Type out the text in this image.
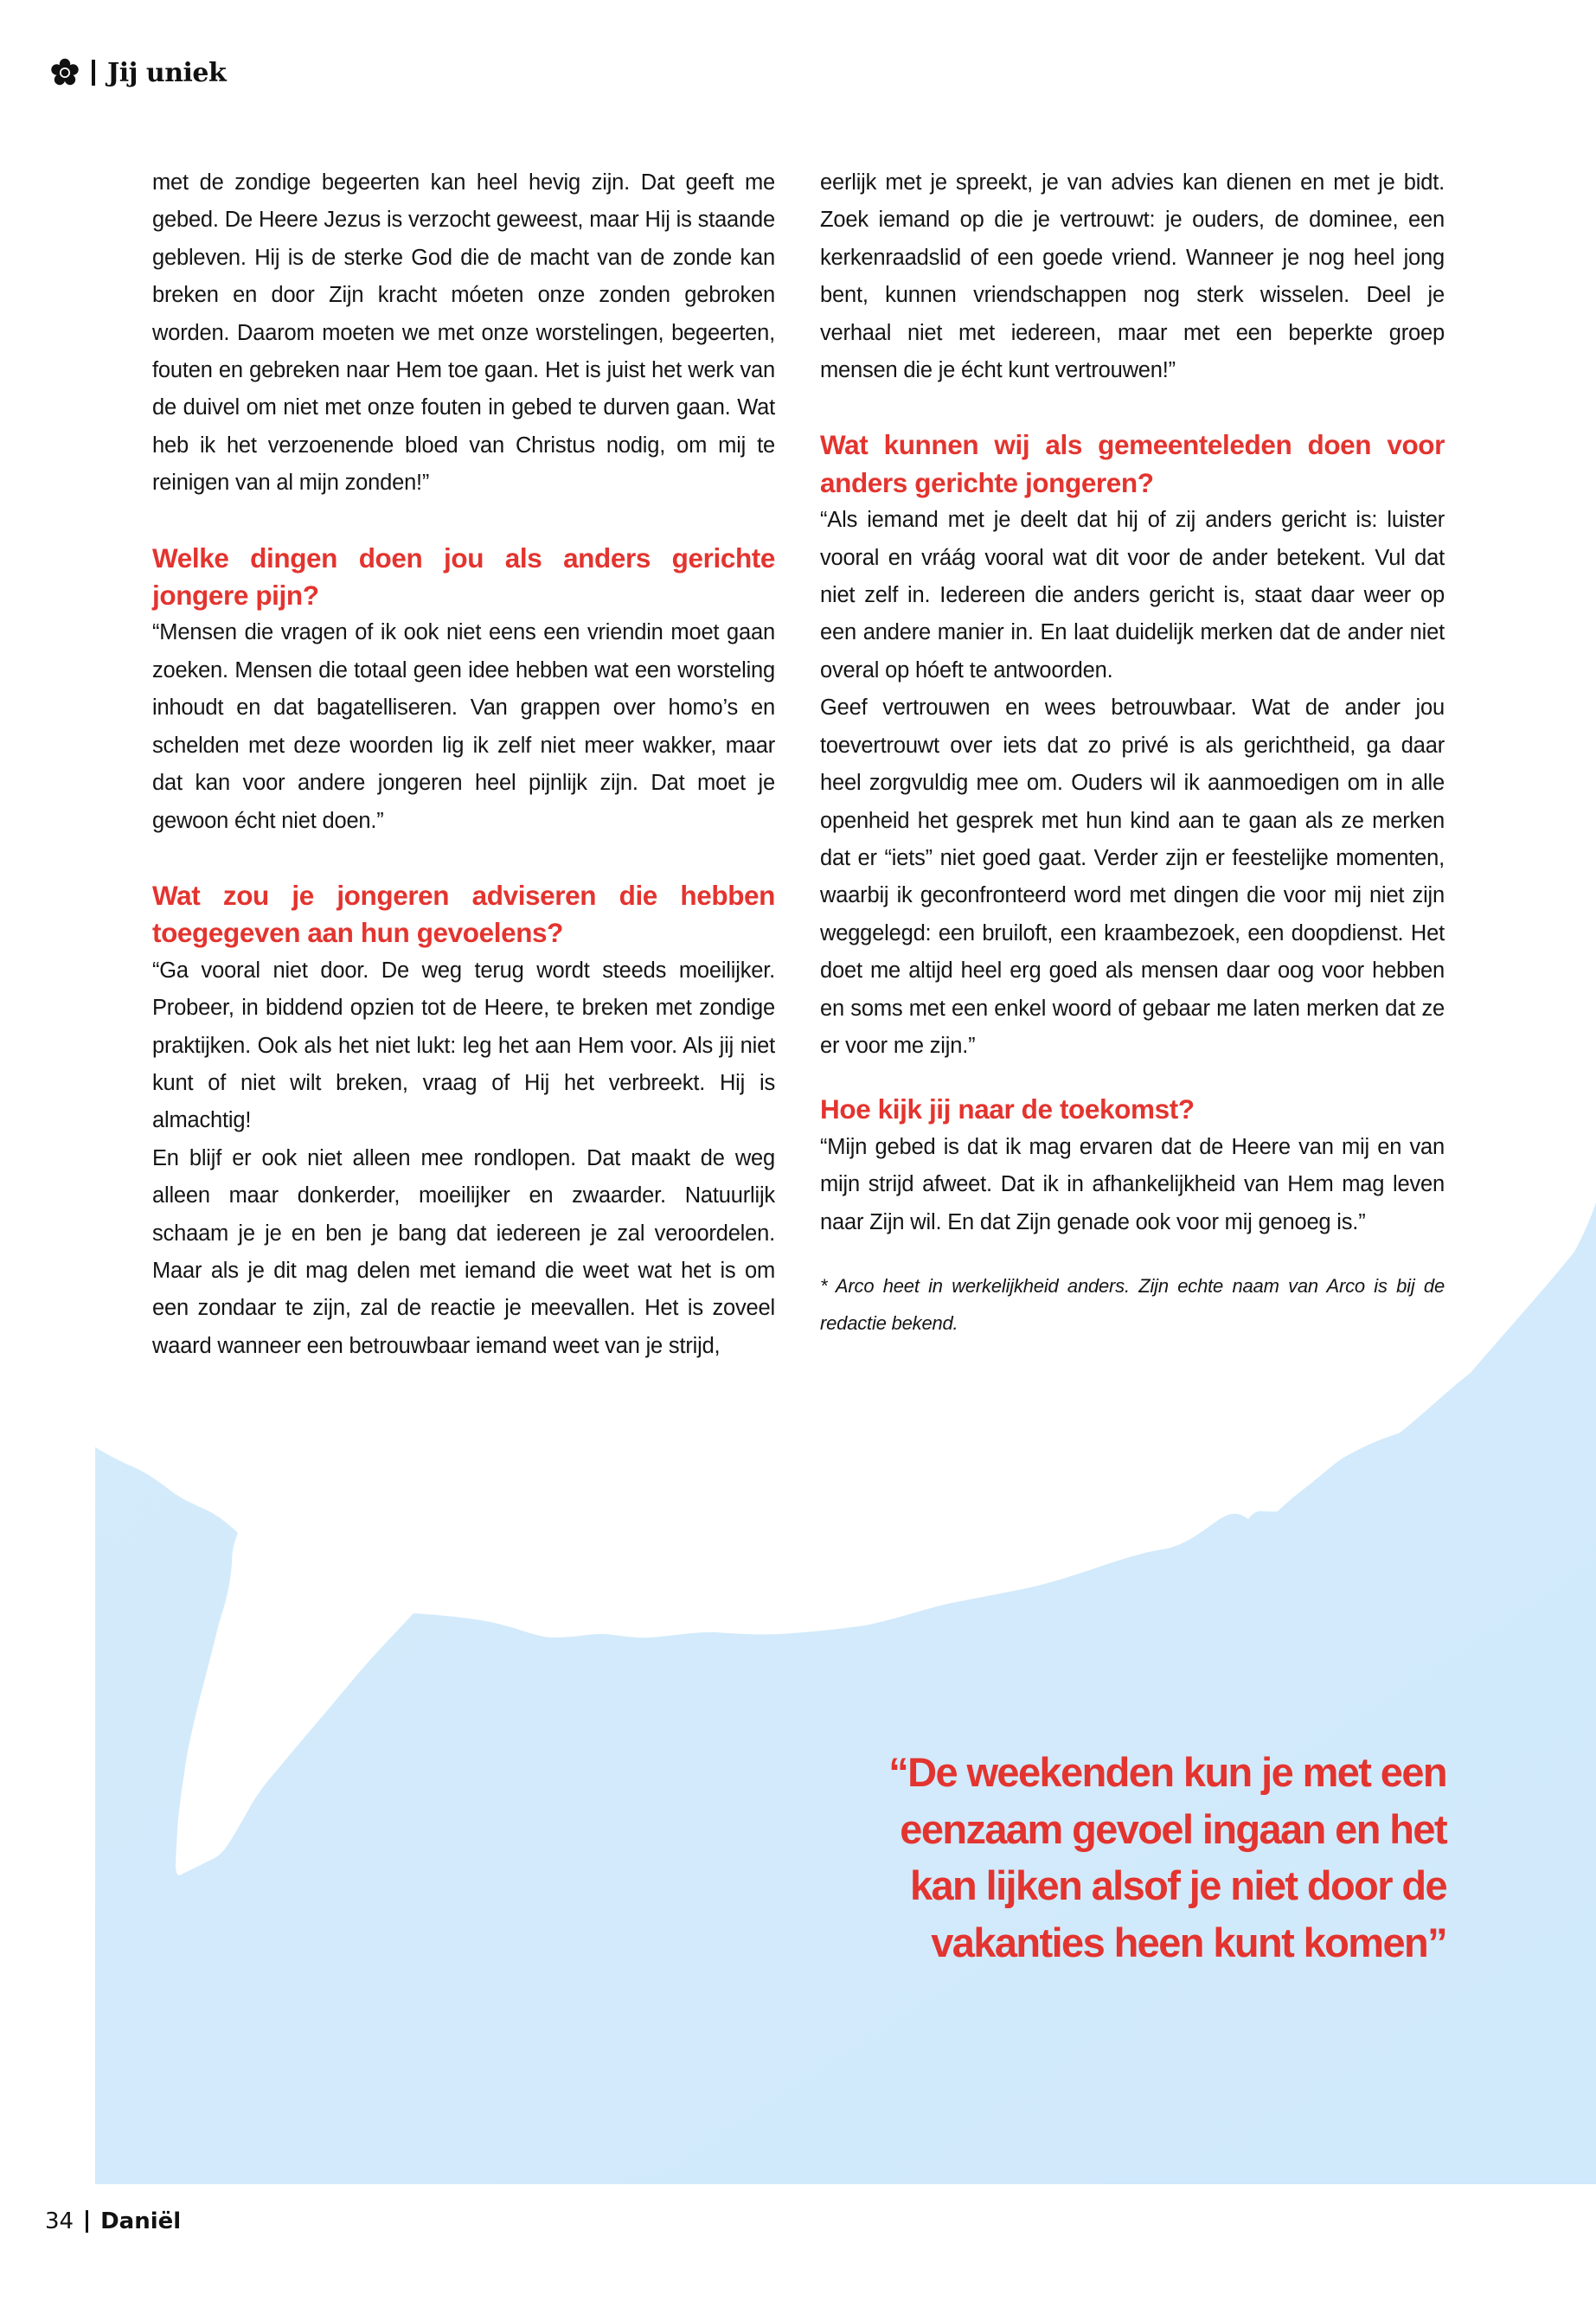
Jij uniek

met de zondige begeerten kan heel hevig zijn. Dat geeft me gebed. De Heere Jezus is verzocht geweest, maar Hij is staande gebleven. Hij is de sterke God die de macht van de zonde kan breken en door Zijn kracht móeten onze zonden gebroken worden. Daarom moeten we met onze worstelingen, begeerten, fouten en gebreken naar Hem toe gaan. Het is juist het werk van de duivel om niet met onze fouten in gebed te durven gaan. Wat heb ik het verzoenende bloed van Christus nodig, om mij te reinigen van al mijn zonden!”

Welke dingen doen jou als anders gerichte jongere pijn?

“Mensen die vragen of ik ook niet eens een vriendin moet gaan zoeken. Mensen die totaal geen idee hebben wat een worsteling inhoudt en dat bagatelliseren. Van grappen over homo’s en schelden met deze woorden lig ik zelf niet meer wakker, maar dat kan voor andere jongeren heel pijnlijk zijn. Dat moet je gewoon écht niet doen.”

Wat zou je jongeren adviseren die hebben toegegeven aan hun gevoelens?

“Ga vooral niet door. De weg terug wordt steeds moeilijker. Probeer, in biddend opzien tot de Heere, te breken met zondige praktijken. Ook als het niet lukt: leg het aan Hem voor. Als jij niet kunt of niet wilt breken, vraag of Hij het verbreekt. Hij is almachtig!

En blijf er ook niet alleen mee rondlopen. Dat maakt de weg alleen maar donkerder, moeilijker en zwaarder. Natuurlijk schaam je je en ben je bang dat iedereen je zal veroordelen. Maar als je dit mag delen met iemand die weet wat het is om een zondaar te zijn, zal de reactie je meevallen. Het is zoveel waard wanneer een betrouwbaar iemand weet van je strijd,

eerlijk met je spreekt, je van advies kan dienen en met je bidt. Zoek iemand op die je vertrouwt: je ouders, de dominee, een kerkenraadslid of een goede vriend. Wanneer je nog heel jong bent, kunnen vriendschappen nog sterk wisselen. Deel je verhaal niet met iedereen, maar met een beperkte groep mensen die je écht kunt vertrouwen!”

Wat kunnen wij als gemeenteleden doen voor anders gerichte jongeren?

“Als iemand met je deelt dat hij of zij anders gericht is: luister vooral en vráág vooral wat dit voor de ander betekent. Vul dat niet zelf in. Iedereen die anders gericht is, staat daar weer op een andere manier in. En laat duidelijk merken dat de ander niet overal op hóeft te antwoorden.

Geef vertrouwen en wees betrouwbaar. Wat de ander jou toevertrouwt over iets dat zo privé is als gerichtheid, ga daar heel zorgvuldig mee om. Ouders wil ik aanmoedigen om in alle openheid het gesprek met hun kind aan te gaan als ze merken dat er “iets” niet goed gaat. Verder zijn er feestelijke momenten, waarbij ik geconfronteerd word met dingen die voor mij niet zijn weggelegd: een bruiloft, een kraambezoek, een doopdienst. Het doet me altijd heel erg goed als mensen daar oog voor hebben en soms met een enkel woord of gebaar me laten merken dat ze er voor me zijn.”

Hoe kijk jij naar de toekomst?

“Mijn gebed is dat ik mag ervaren dat de Heere van mij en van mijn strijd afweet. Dat ik in afhankelijkheid van Hem mag leven naar Zijn wil. En dat Zijn genade ook voor mij genoeg is.”

* Arco heet in werkelijkheid anders. Zijn echte naam van Arco is bij de redactie bekend.

“De weekenden kun je met een
eenzaam gevoel ingaan en het
kan lijken alsof je niet door de
vakanties heen kunt komen”
34 Daniël
